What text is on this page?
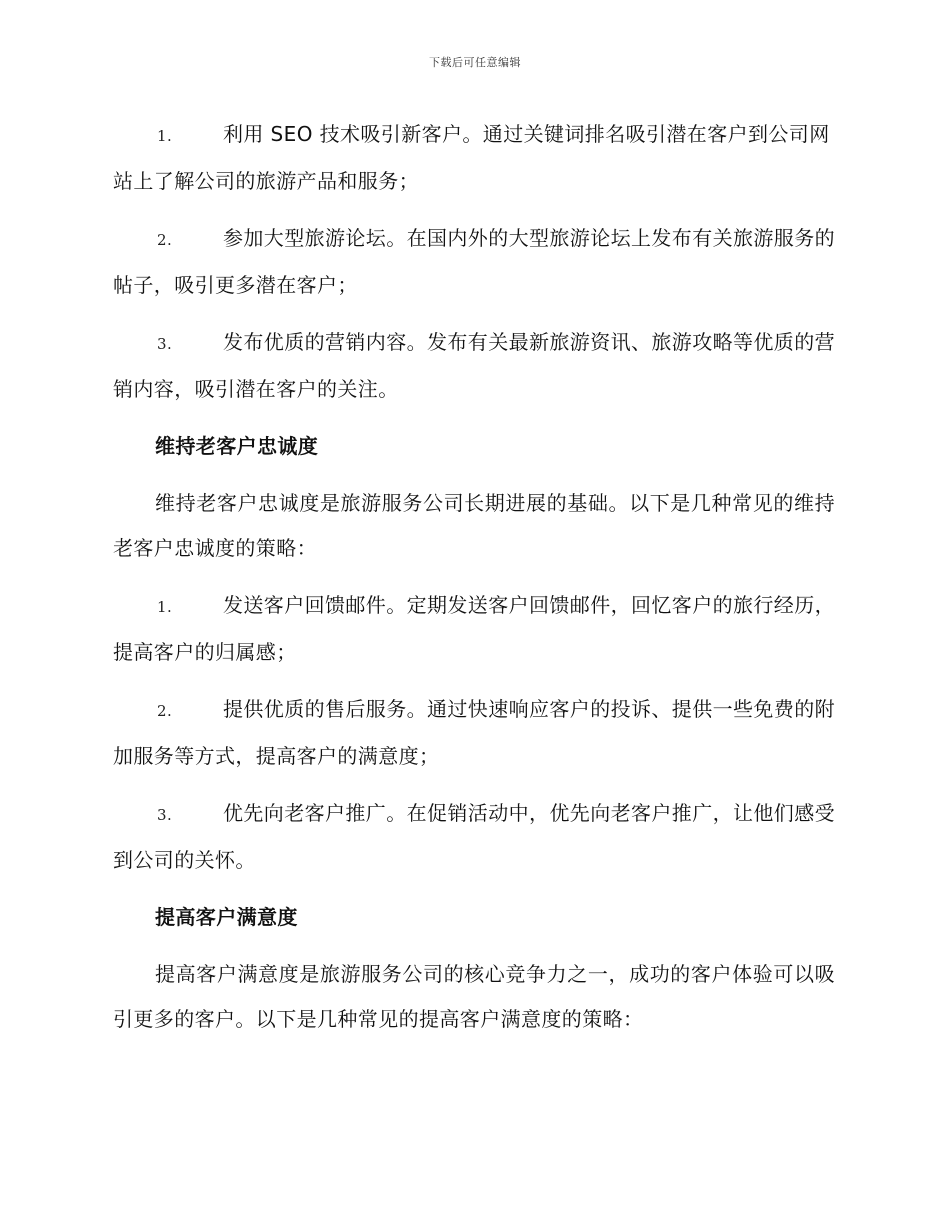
下载后可任意编辑
1.	利用 SEO 技术吸引新客户。通过关键词排名吸引潜在客户到公司网站上了解公司的旅游产品和服务；
2.	参加大型旅游论坛。在国内外的大型旅游论坛上发布有关旅游服务的帖子，吸引更多潜在客户；
3.	发布优质的营销内容。发布有关最新旅游资讯、旅游攻略等优质的营销内容，吸引潜在客户的关注。
维持老客户忠诚度
维持老客户忠诚度是旅游服务公司长期进展的基础。以下是几种常见的维持老客户忠诚度的策略：
1.	发送客户回馈邮件。定期发送客户回馈邮件，回忆客户的旅行经历，提高客户的归属感；
2.	提供优质的售后服务。通过快速响应客户的投诉、提供一些免费的附加服务等方式，提高客户的满意度；
3.	优先向老客户推广。在促销活动中，优先向老客户推广，让他们感受到公司的关怀。
提高客户满意度
提高客户满意度是旅游服务公司的核心竞争力之一，成功的客户体验可以吸引更多的客户。以下是几种常见的提高客户满意度的策略：
